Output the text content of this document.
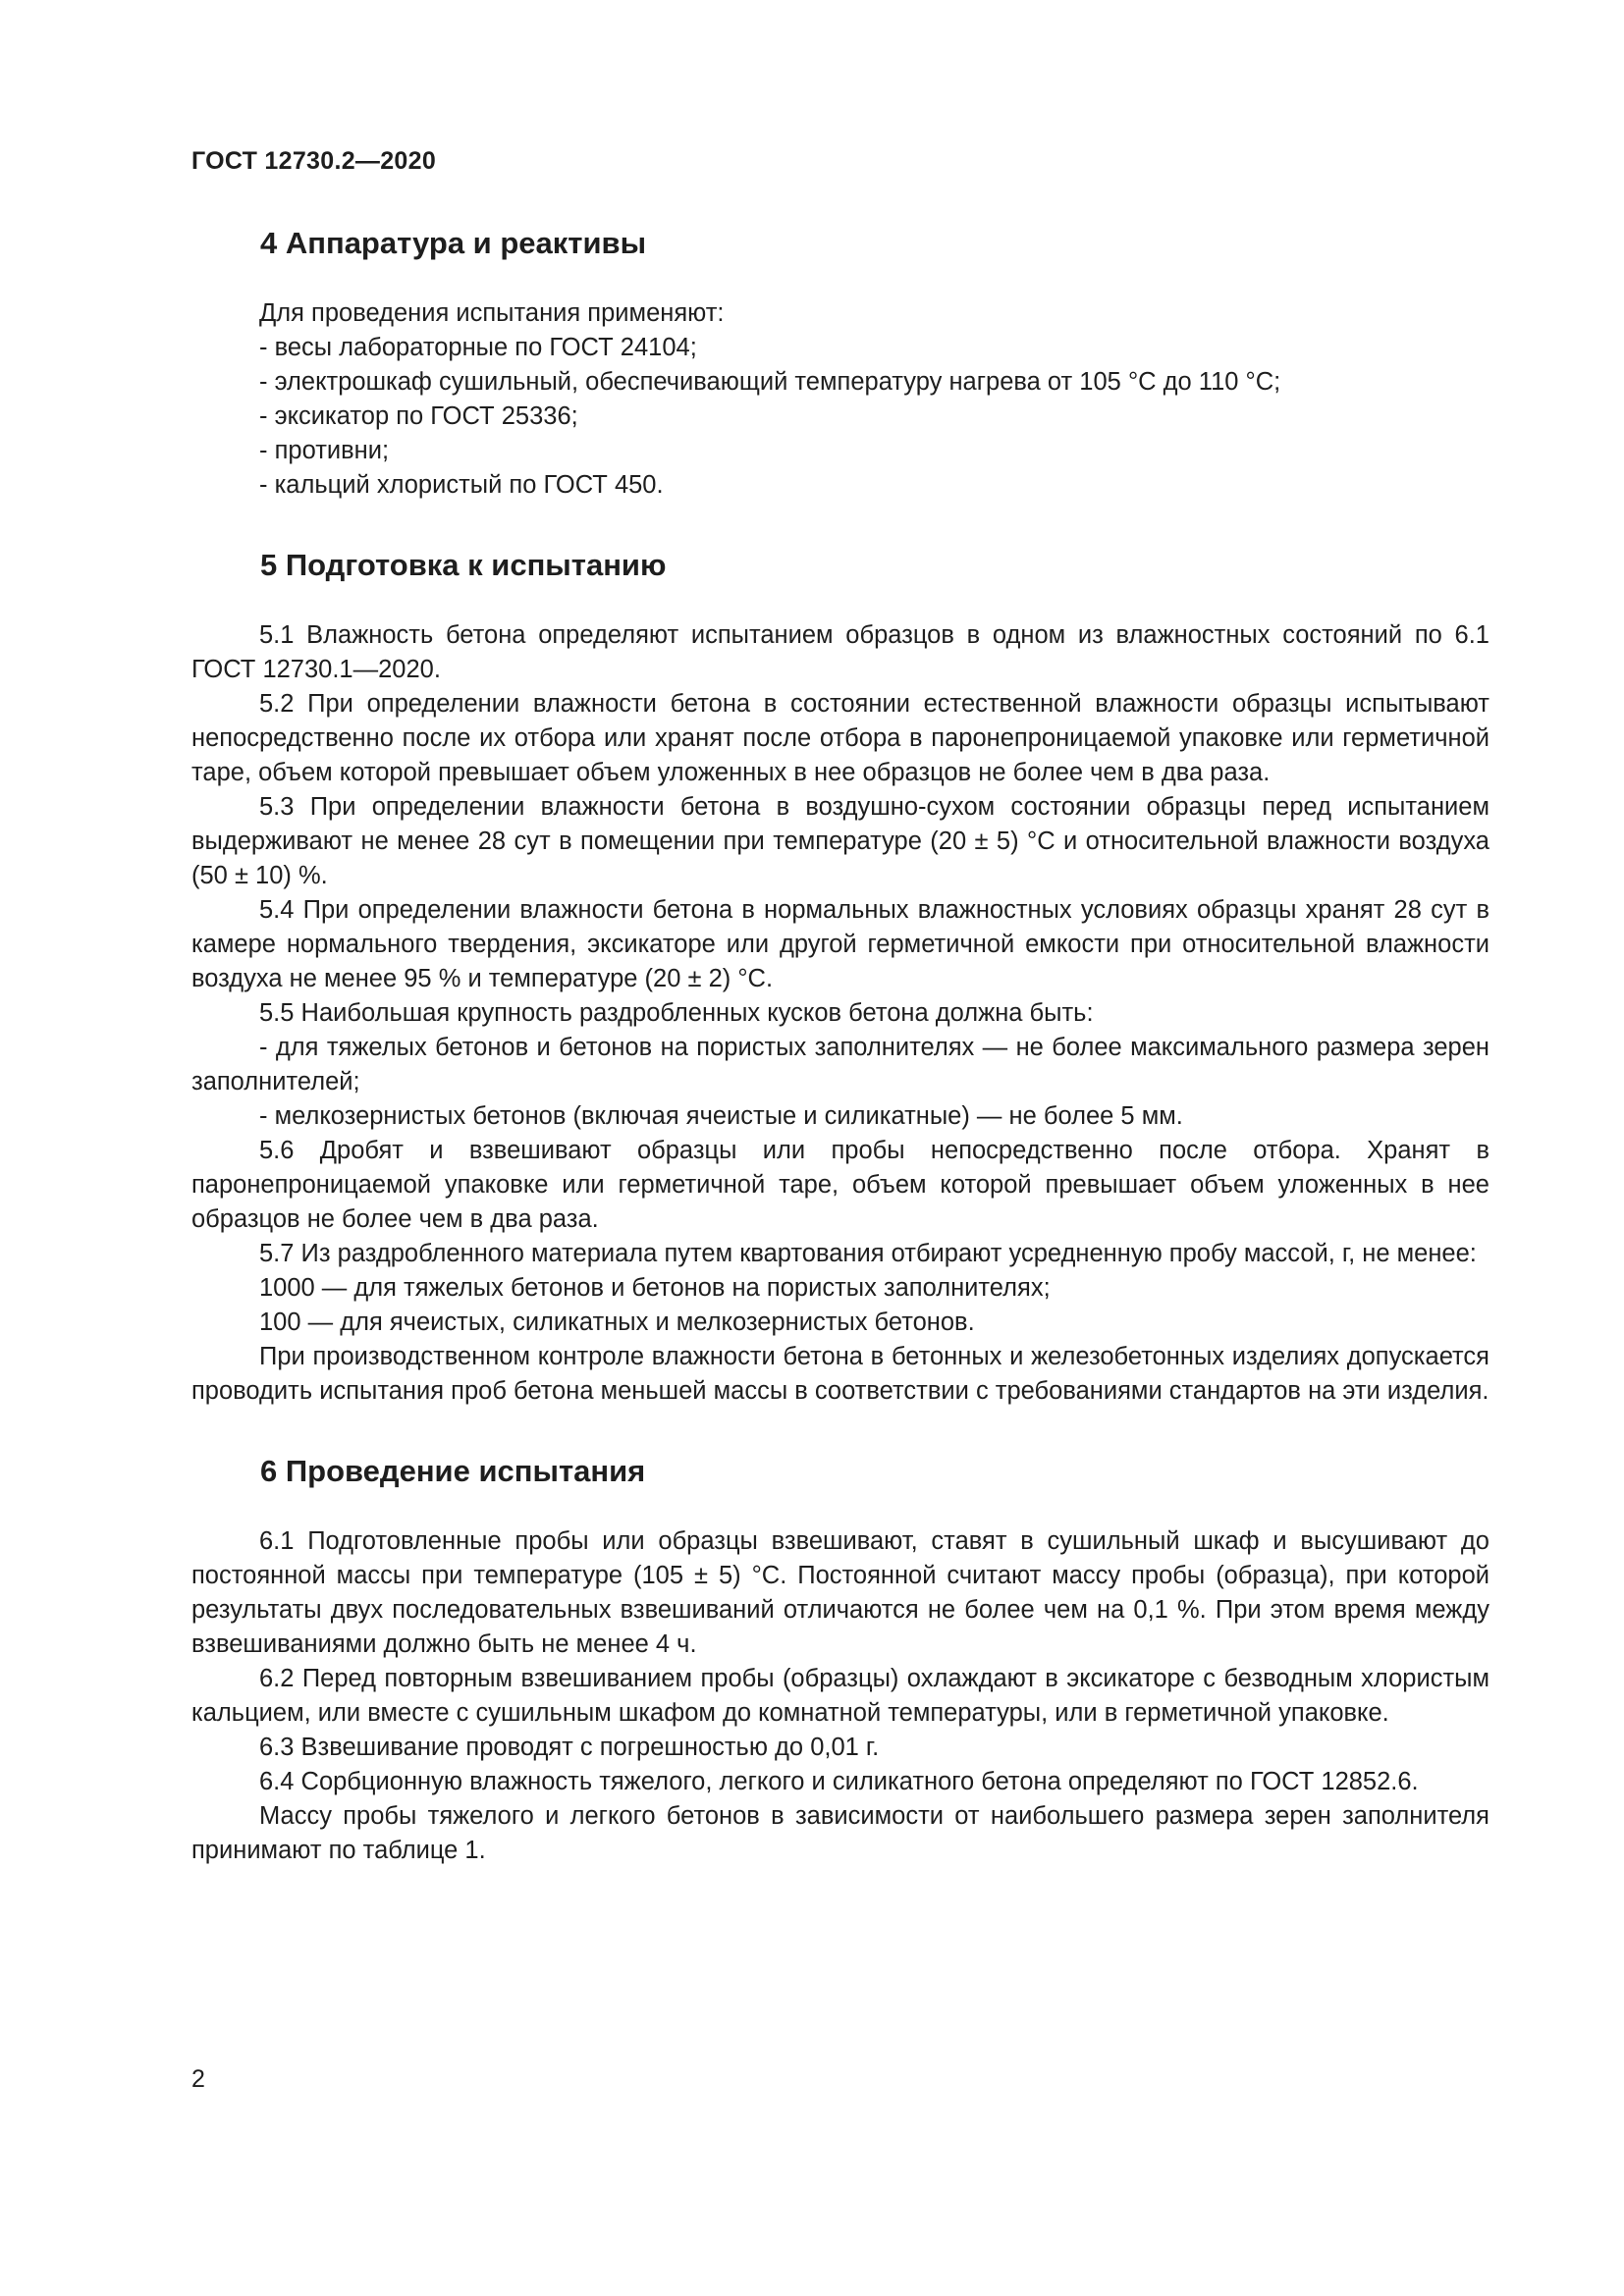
ГОСТ 12730.2—2020
4 Аппаратура и реактивы

Для проведения испытания применяют:

- весы лабораторные по ГОСТ 24104;

- электрошкаф сушильный, обеспечивающий температуру нагрева от 105 °С до 110 °С;

- эксикатор по ГОСТ 25336;

- противни;

- кальций хлористый по ГОСТ 450.

5 Подготовка к испытанию

5.1 Влажность бетона определяют испытанием образцов в одном из влажностных состояний по 6.1 ГОСТ 12730.1—2020.

5.2 При определении влажности бетона в состоянии естественной влажности образцы испытывают непосредственно после их отбора или хранят после отбора в паронепроницаемой упаковке или герметичной таре, объем которой превышает объем уложенных в нее образцов не более чем в два раза.

5.3 При определении влажности бетона в воздушно-сухом состоянии образцы перед испытанием выдерживают не менее 28 сут в помещении при температуре (20 ± 5) °С и относительной влажности воздуха (50 ± 10) %.

5.4 При определении влажности бетона в нормальных влажностных условиях образцы хранят 28 сут в камере нормального твердения, эксикаторе или другой герметичной емкости при относительной влажности воздуха не менее 95 % и температуре (20 ± 2) °С.

5.5 Наибольшая крупность раздробленных кусков бетона должна быть:

- для тяжелых бетонов и бетонов на пористых заполнителях — не более максимального размера зерен заполнителей;

- мелкозернистых бетонов (включая ячеистые и силикатные) — не более 5 мм.

5.6 Дробят и взвешивают образцы или пробы непосредственно после отбора. Хранят в паронепроницаемой упаковке или герметичной таре, объем которой превышает объем уложенных в нее образцов не более чем в два раза.

5.7 Из раздробленного материала путем квартования отбирают усредненную пробу массой, г, не менее:

1000 — для тяжелых бетонов и бетонов на пористых заполнителях;

100 — для ячеистых, силикатных и мелкозернистых бетонов.

При производственном контроле влажности бетона в бетонных и железобетонных изделиях допускается проводить испытания проб бетона меньшей массы в соответствии с требованиями стандартов на эти изделия.

6 Проведение испытания

6.1 Подготовленные пробы или образцы взвешивают, ставят в сушильный шкаф и высушивают до постоянной массы при температуре (105 ± 5) °С. Постоянной считают массу пробы (образца), при которой результаты двух последовательных взвешиваний отличаются не более чем на 0,1 %. При этом время между взвешиваниями должно быть не менее 4 ч.

6.2 Перед повторным взвешиванием пробы (образцы) охлаждают в эксикаторе с безводным хлористым кальцием, или вместе с сушильным шкафом до комнатной температуры, или в герметичной упаковке.

6.3 Взвешивание проводят с погрешностью до 0,01 г.

6.4 Сорбционную влажность тяжелого, легкого и силикатного бетона определяют по ГОСТ 12852.6.

Массу пробы тяжелого и легкого бетонов в зависимости от наибольшего размера зерен заполнителя принимают по таблице 1.

2
